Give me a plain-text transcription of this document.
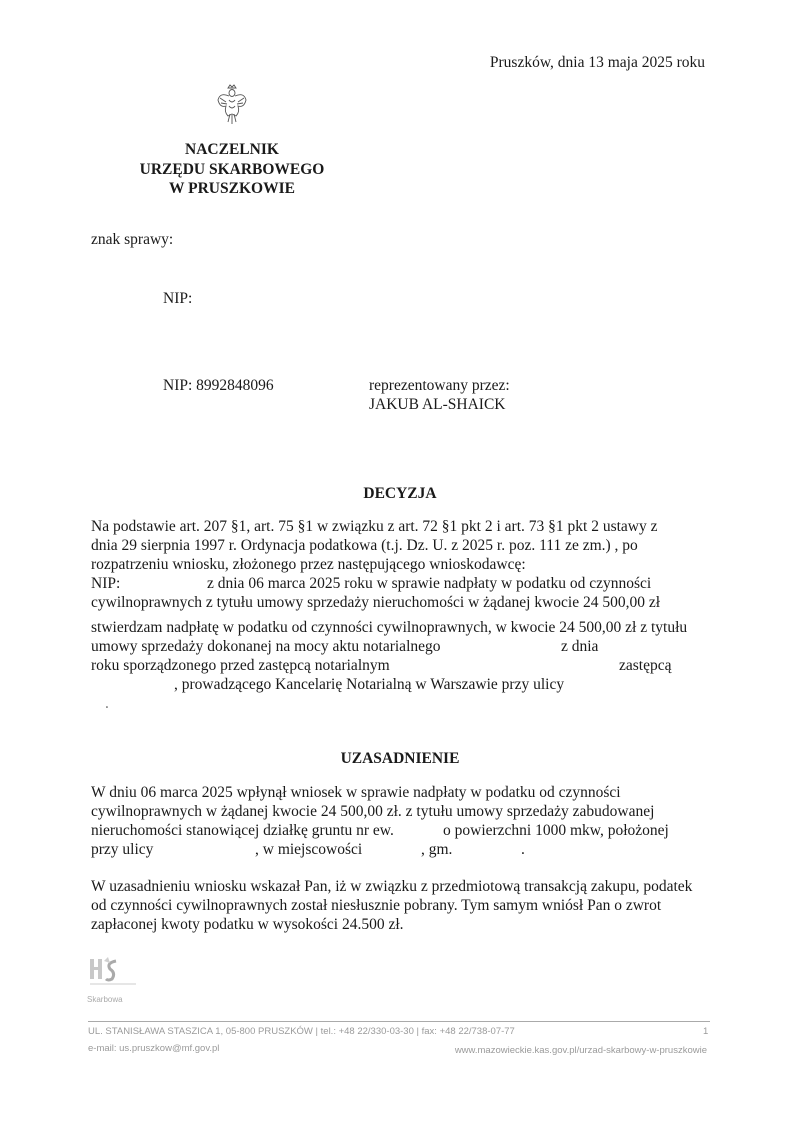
Pruszków, dnia 13 maja 2025 roku
NACZELNIK
URZĘDU SKARBOWEGO
W PRUSZKOWIE
znak sprawy:
NIP:
NIP: 8992848096	reprezentowany przez:
JAKUB AL-SHAICK
DECYZJA
Na podstawie art. 207 §1, art. 75 §1 w związku z art. 72 §1 pkt 2 i art. 73 §1 pkt 2 ustawy z
dnia 29 sierpnia 1997 r. Ordynacja podatkowa (t.j. Dz. U. z 2025 r. poz. 111 ze zm.) , po
rozpatrzeniu wniosku, złożonego przez następującego wnioskodawcę:
NIP:	z dnia 06 marca 2025 roku w sprawie nadpłaty w podatku od czynności
cywilnoprawnych z tytułu umowy sprzedaży nieruchomości w żądanej kwocie 24 500,00 zł
stwierdzam nadpłatę w podatku od czynności cywilnoprawnych, w kwocie 24 500,00 zł z tytułu
umowy sprzedaży dokonanej na mocy aktu notarialnego	z dnia
roku sporządzonego przed zastępcą notarialnym	zastępcą
, prowadzącego Kancelarię Notarialną w Warszawie przy ulicy
.
UZASADNIENIE
W dniu 06 marca 2025 wpłynął wniosek w sprawie nadpłaty w podatku od czynności
cywilnoprawnych w żądanej kwocie 24 500,00 zł. z tytułu umowy sprzedaży zabudowanej
nieruchomości stanowiącej działkę gruntu nr ew.	o powierzchni 1000 mkw, położonej
przy ulicy	, w miejscowości	, gm.	.
W uzasadnieniu wniosku wskazał Pan, iż w związku z przedmiotową transakcją zakupu, podatek
od czynności cywilnoprawnych został niesłusznie pobrany. Tym samym wniósł Pan o zwrot
zapłaconej kwoty podatku w wysokości 24.500 zł.
Skarbowa
UL. STANISŁAWA STASZICA 1, 05-800 PRUSZKÓW | tel.: +48 22/330-03-30 | fax: +48 22/738-07-77	1
e-mail: us.pruszkow@mf.gov.pl	www.mazowieckie.kas.gov.pl/urzad-skarbowy-w-pruszkowie
